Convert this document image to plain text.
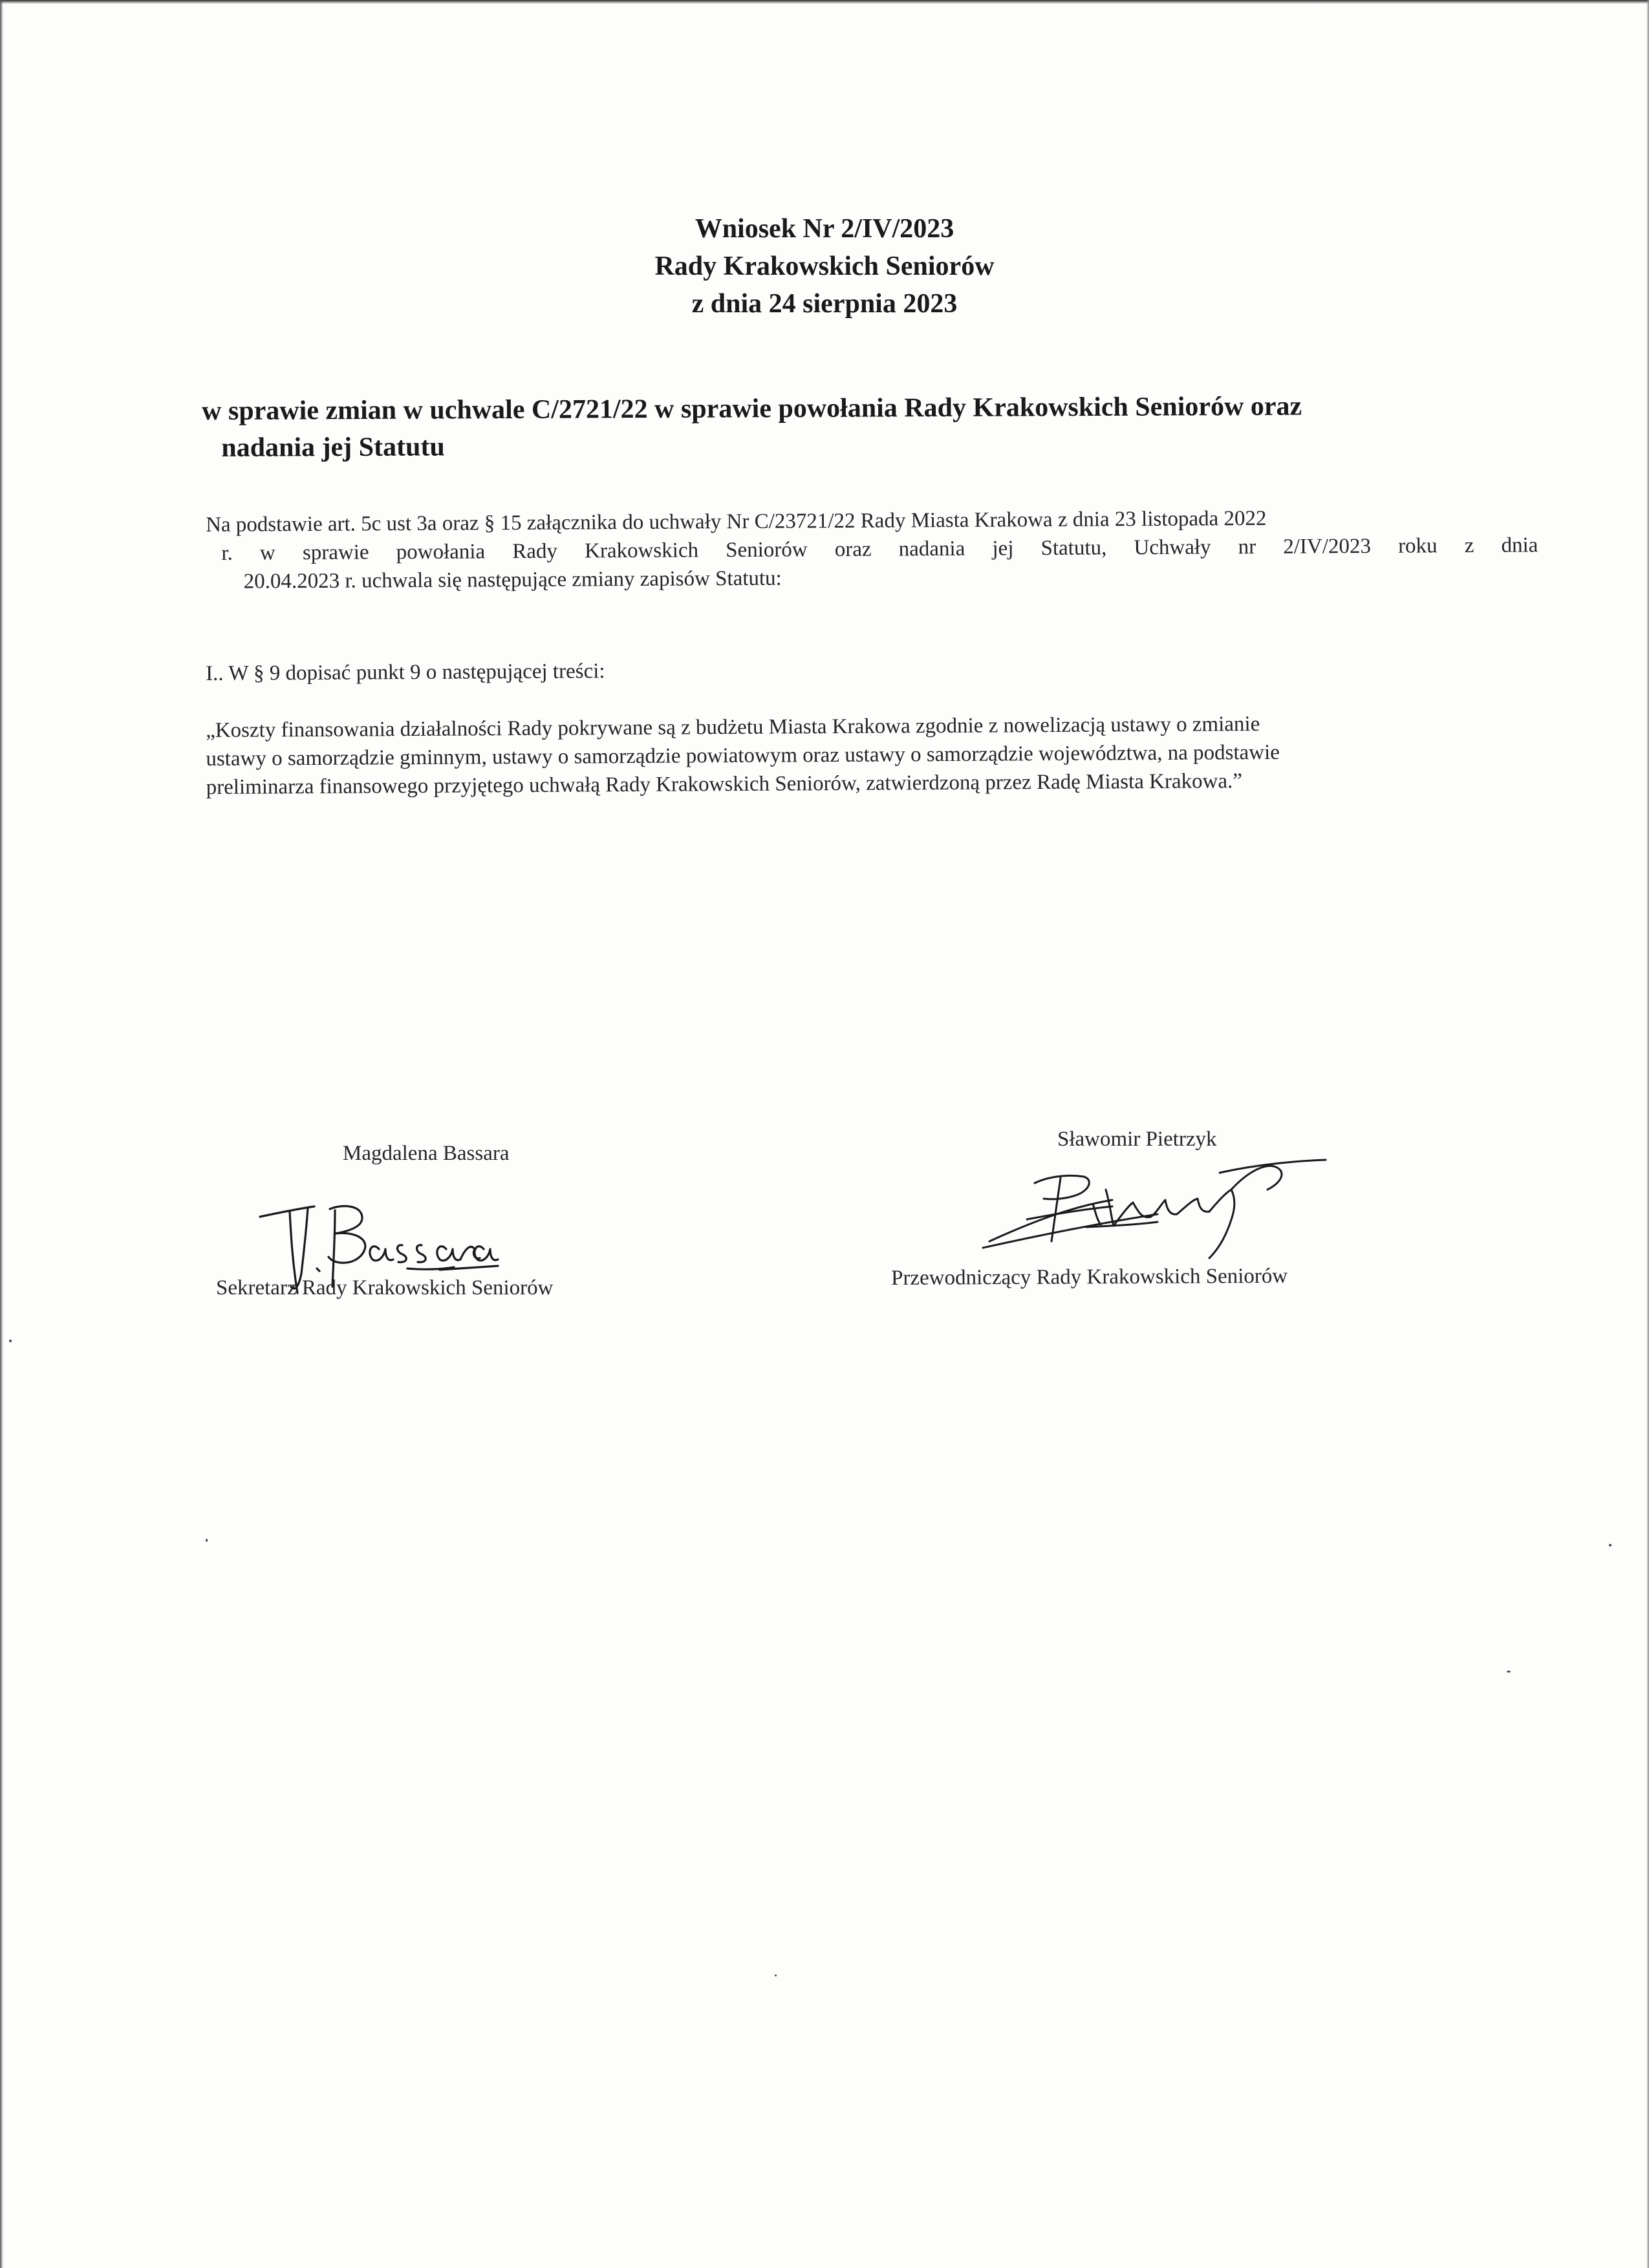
Wniosek Nr 2/IV/2023
Rady Krakowskich Seniorów
z dnia 24 sierpnia 2023
w sprawie zmian w uchwale C/2721/22 w sprawie powołania Rady Krakowskich Seniorów oraz
nadania jej Statutu
Na podstawie art. 5c ust 3a oraz § 15 załącznika do uchwały Nr C/23721/22 Rady Miasta Krakowa z dnia 23 listopada 2022
r. w sprawie powołania Rady Krakowskich Seniorów oraz nadania jej Statutu, Uchwały nr 2/IV/2023 roku z dnia
20.04.2023 r. uchwala się następujące zmiany zapisów Statutu:
I.. W § 9 dopisać punkt 9 o następującej treści:
„Koszty finansowania działalności Rady pokrywane są z budżetu Miasta Krakowa zgodnie z nowelizacją ustawy o zmianie
ustawy o samorządzie gminnym, ustawy o samorządzie powiatowym oraz ustawy o samorządzie województwa, na podstawie
preliminarza finansowego przyjętego uchwałą Rady Krakowskich Seniorów, zatwierdzoną przez Radę Miasta Krakowa.”
Magdalena Bassara
Sekretarz Rady Krakowskich Seniorów
Sławomir Pietrzyk
Przewodniczący Rady Krakowskich Seniorów
